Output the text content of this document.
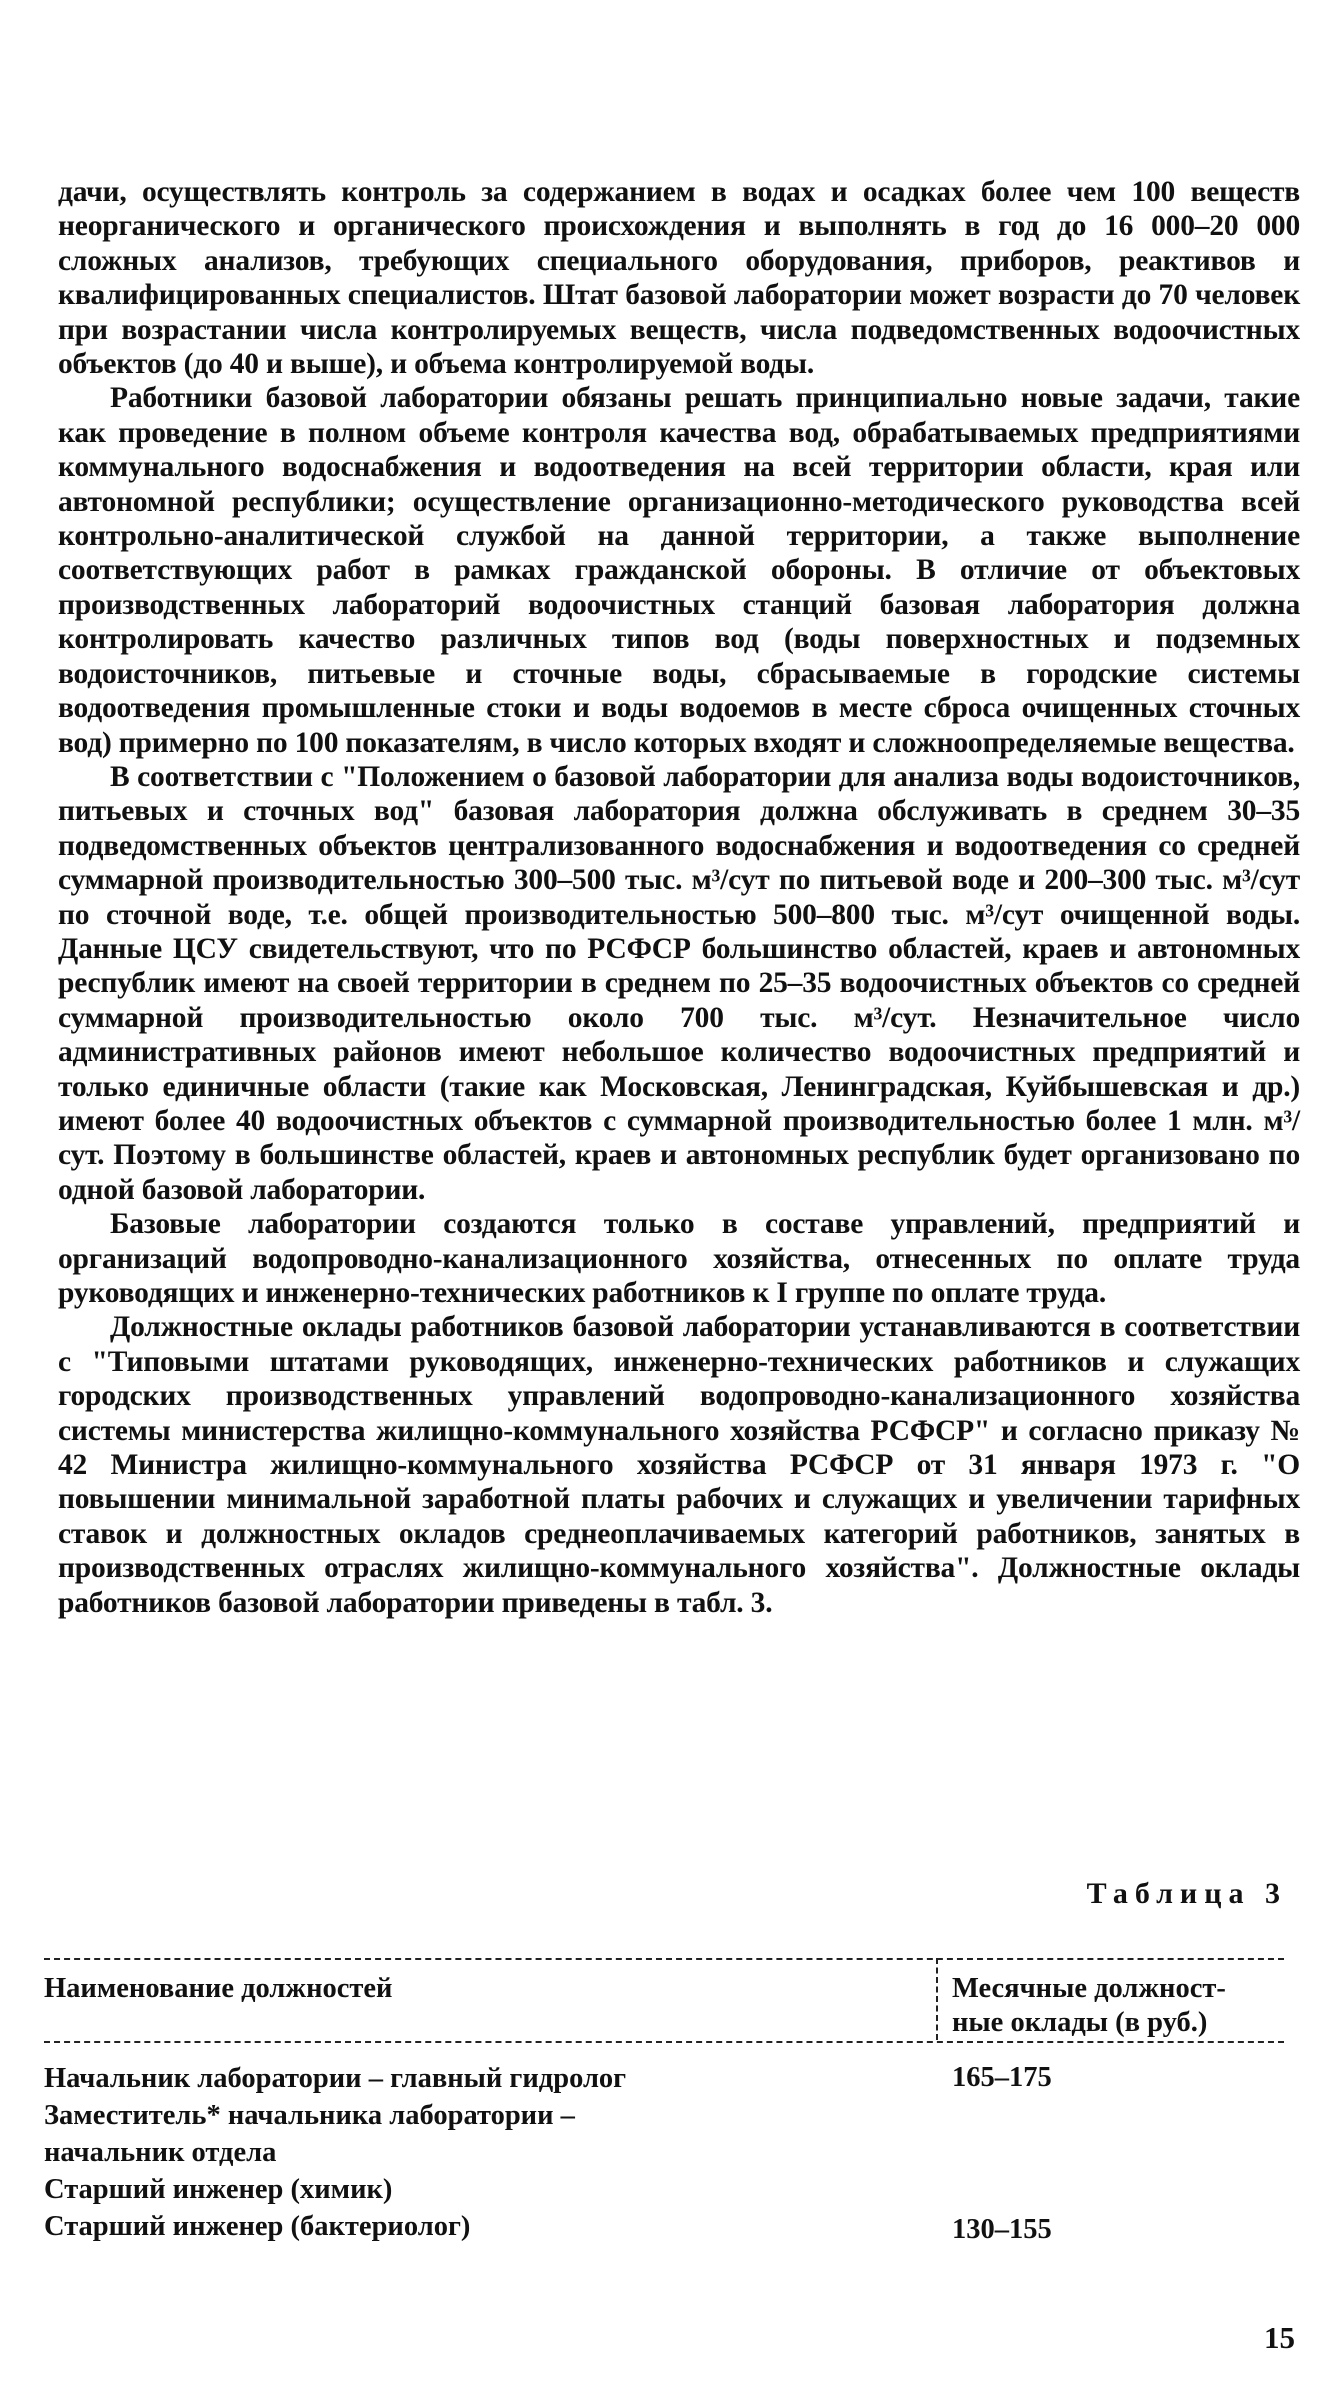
дачи, осуществлять контроль за содержанием в водах и осадках более чем 100 веществ неорганического и органического происхождения и выполнять в год до 16 000–20 000 сложных анализов, требующих специального оборудования, приборов, реактивов и квалифицированных специалистов. Штат базовой лаборатории может возрасти до 70 человек при возрастании числа контролируемых веществ, числа подведомственных водоочистных объектов (до 40 и выше), и объема контролируемой воды.

Работники базовой лаборатории обязаны решать принципиально новые задачи, такие как проведение в полном объеме контроля качества вод, обрабатываемых предприятиями коммунального водоснабжения и водоотведения на всей территории области, края или автономной республики; осуществление организационно-методического руководства всей контрольно-аналитической службой на данной территории, а также выполнение соответствующих работ в рамках гражданской обороны. В отличие от объектовых производственных лабораторий водоочистных станций базовая лаборатория должна контролировать качество различных типов вод (воды поверхностных и подземных водоисточников, питьевые и сточные воды, сбрасываемые в городские системы водоотведения промышленные стоки и воды водоемов в месте сброса очищенных сточных вод) примерно по 100 показателям, в число которых входят и сложноопределяемые вещества.

В соответствии с "Положением о базовой лаборатории для анализа воды водоисточников, питьевых и сточных вод" базовая лаборатория должна обслуживать в среднем 30–35 подведомственных объектов централизованного водоснабжения и водоотведения со средней суммарной производительностью 300–500 тыс. м³/сут по питьевой воде и 200–300 тыс. м³/сут по сточной воде, т.е. общей производительностью 500–800 тыс. м³/сут очищенной воды. Данные ЦСУ свидетельствуют, что по РСФСР большинство областей, краев и автономных республик имеют на своей территории в среднем по 25–35 водоочистных объектов со средней суммарной производительностью около 700 тыс. м³/сут. Незначительное число административных районов имеют небольшое количество водоочистных предприятий и только единичные области (такие как Московская, Ленинградская, Куйбышевская и др.) имеют более 40 водоочистных объектов с суммарной производительностью более 1 млн. м³/сут. Поэтому в большинстве областей, краев и автономных республик будет организовано по одной базовой лаборатории.

Базовые лаборатории создаются только в составе управлений, предприятий и организаций водопроводно-канализационного хозяйства, отнесенных по оплате труда руководящих и инженерно-технических работников к I группе по оплате труда.

Должностные оклады работников базовой лаборатории устанавливаются в соответствии с "Типовыми штатами руководящих, инженерно-технических работников и служащих городских производственных управлений водопроводно-канализационного хозяйства системы министерства жилищно-коммунального хозяйства РСФСР" и согласно приказу № 42 Министра жилищно-коммунального хозяйства РСФСР от 31 января 1973 г. "О повышении минимальной заработной платы рабочих и служащих и увеличении тарифных ставок и должностных окладов среднеоплачиваемых категорий работников, занятых в производственных отраслях жилищно-коммунального хозяйства". Должностные оклады работников базовой лаборатории приведены в табл. 3.

Таблица 3
Наименование должностей	Месячные должност-
ные оклады (в руб.)
Начальник лаборатории – главный гидролог	165–175
Заместитель* начальника лаборатории –
начальник отдела
Старший инженер (химик)
Старший инженер (бактериолог)	130–155
15
